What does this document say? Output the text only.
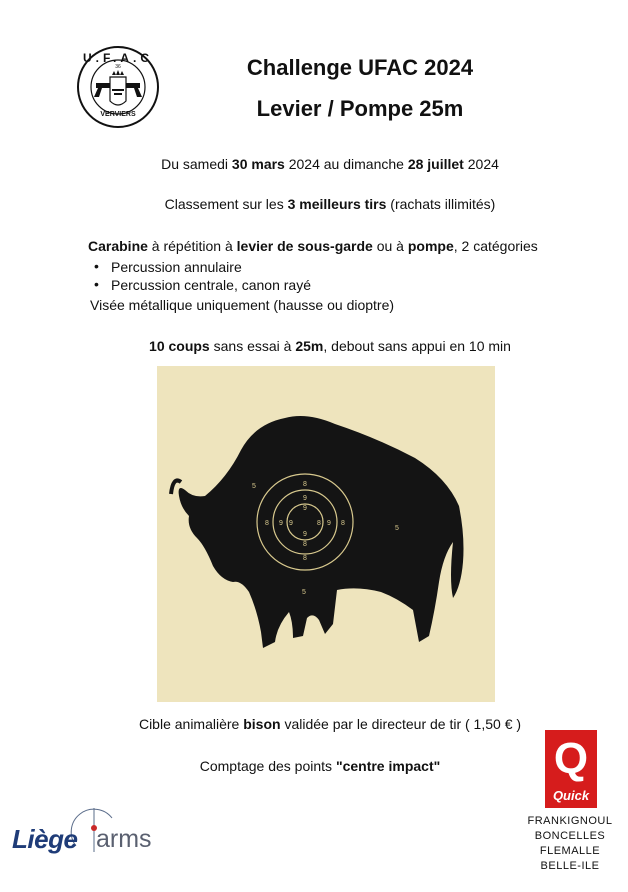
U.F.A.C
36
VERVIERS
Challenge UFAC 2024
Levier / Pompe 25m
Du samedi 30 mars 2024 au dimanche 28 juillet 2024
Classement sur les 3 meilleurs tirs (rachats illimités)
Carabine à répétition à levier de sous-garde ou à pompe, 2 catégories
• Percussion annulaire
• Percussion centrale, canon rayé
Visée métallique uniquement (hausse ou dioptre)
10 coups sans essai à 25m, debout sans appui en 10 min
8
9
9
8
8
9
9
8	8
9
9	8
5
5
5
Cible animalière bison validée par le directeur de tir ( 1,50 € )
Comptage des points "centre impact"
Liège arms
Q
Quick
FRANKIGNOUL
BONCELLES
FLEMALLE
BELLE-ILE
